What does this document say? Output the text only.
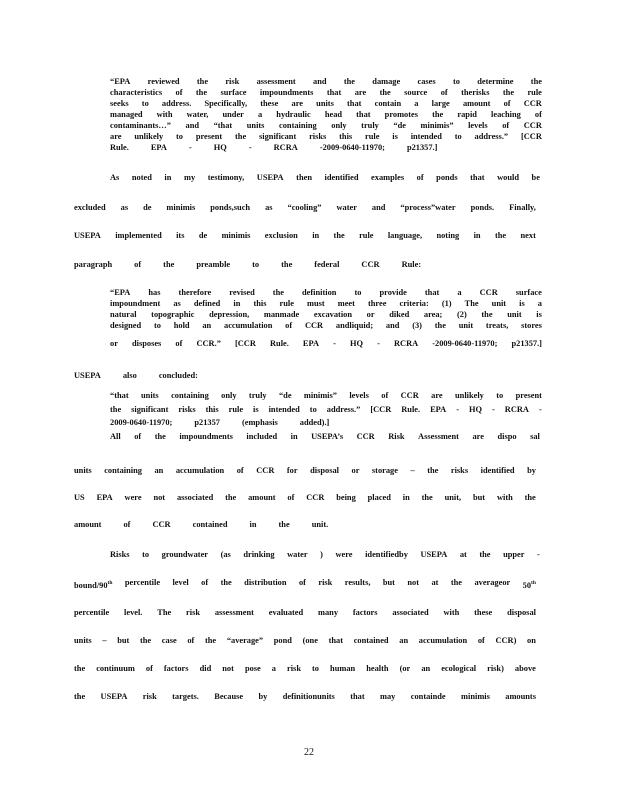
“EPA reviewed the risk assessment and the damage cases to determine the
characteristics of the surface impoundments that are the source of therisks the rule
seeks to address. Specifically, these are units that contain a large amount of CCR
managed with water, under a hydraulic head that promotes the rapid leaching of
contaminants…” and “that units containing only truly “de minimis” levels of CCR
are unlikely to present the significant risks this rule is intended to address.” [CCR
Rule.	EPA	-	HQ	-	RCRA	-2009-0640-11970;	p21357.]
As noted in my testimony, USEPA then identified examples of ponds that would be
excluded as de minimis ponds,such as “cooling” water and “process”water ponds. Finally,
USEPA implemented its de minimis exclusion in the rule language, noting in the next
paragraph	of	the	preamble	to	the	federal	CCR	Rule:
“EPA has therefore revised the definition to provide that a CCR surface
impoundment as defined in this rule must meet three criteria: (1) The unit is a
natural topographic depression, manmade excavation or diked area; (2) the unit is
designed to hold an accumulation of CCR andliquid; and (3) the unit treats, stores
or disposes of CCR.” [CCR Rule. EPA - HQ - RCRA -2009-0640-11970; p21357.]
USEPA	also	concluded:
“that units containing only truly “de minimis” levels of CCR are unlikely to present
the significant risks this rule is intended to address.” [CCR Rule. EPA - HQ - RCRA -
2009-0640-11970;	p21357	(emphasis	added).]
All of the impoundments included in USEPA’s CCR Risk Assessment are dispo sal
units containing an accumulation of CCR for disposal or storage – the risks identified by
US EPA were not associated the amount of CCR being placed in the unit, but with the
amount	of	CCR	contained	in	the	unit.
Risks to groundwater (as drinking water ) were identifiedby USEPA at the upper -
bound/90th percentile level of the distribution of risk results, but not at the averageor 50th
percentile level. The risk assessment evaluated many factors associated with these disposal
units – but the case of the “average” pond (one that contained an accumulation of CCR) on
the continuum of factors did not pose a risk to human health (or an ecological risk) above
the USEPA risk targets. Because by definitionunits that may containde minimis amounts
22
